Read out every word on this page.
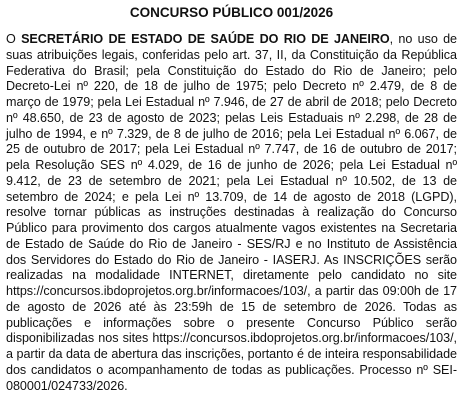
CONCURSO PÚBLICO 001/2026

O SECRETÁRIO DE ESTADO DE SAÚDE DO RIO DE JANEIRO, no uso de suas atribuições legais, conferidas pelo art. 37, II, da Constituição da República Federativa do Brasil; pela Constituição do Estado do Rio de Janeiro; pelo Decreto-Lei nº 220, de 18 de julho de 1975; pelo Decreto nº 2.479, de 8 de março de 1979; pela Lei Estadual nº 7.946, de 27 de abril de 2018; pelo Decreto nº 48.650, de 23 de agosto de 2023; pelas Leis Estaduais nº 2.298, de 28 de julho de 1994, e nº 7.329, de 8 de julho de 2016; pela Lei Estadual nº 6.067, de 25 de outubro de 2017; pela Lei Estadual nº 7.747, de 16 de outubro de 2017; pela Resolução SES nº 4.029, de 16 de junho de 2026; pela Lei Estadual nº 9.412, de 23 de setembro de 2021; pela Lei Estadual nº 10.502, de 13 de setembro de 2024; e pela Lei nº 13.709, de 14 de agosto de 2018 (LGPD), resolve tornar públicas as instruções destinadas à realização do Concurso Público para provimento dos cargos atualmente vagos existentes na Secretaria de Estado de Saúde do Rio de Janeiro - SES/RJ e no Instituto de Assistência dos Servidores do Estado do Rio de Janeiro - IASERJ. As INSCRIÇÕES serão realizadas na modalidade INTERNET, diretamente pelo candidato no site https://concursos.ibdoprojetos.org.br/informacoes/103/, a partir das 09:00h de 17 de agosto de 2026 até às 23:59h de 15 de setembro de 2026. Todas as publicações e informações sobre o presente Concurso Público serão disponibilizadas nos sites https://concursos.ibdoprojetos.org.br/informacoes/103/, a partir da data de abertura das inscrições, portanto é de inteira responsabilidade dos candidatos o acompanhamento de todas as publicações. Processo nº SEI-080001/024733/2026.
